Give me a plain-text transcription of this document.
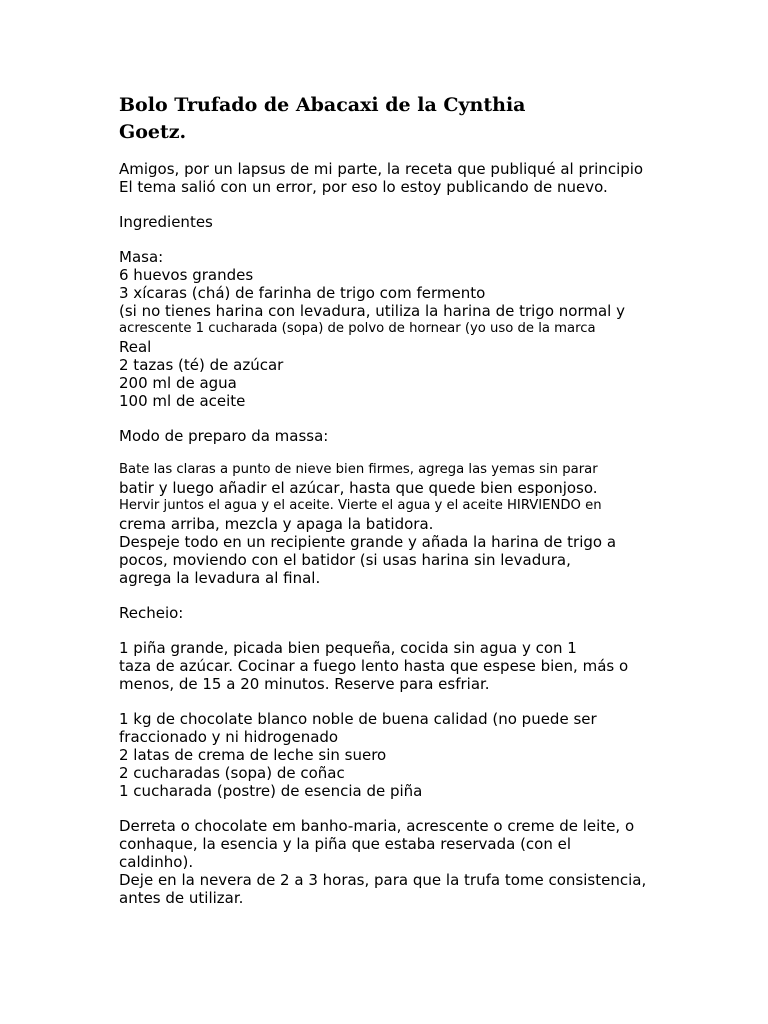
Bolo Trufado de Abacaxi de la Cynthia
Goetz.
Amigos, por un lapsus de mi parte, la receta que publiqué al principio
El tema salió con un error, por eso lo estoy publicando de nuevo.
Ingredientes
Masa:
6 huevos grandes
3 xícaras (chá) de farinha de trigo com fermento
(si no tienes harina con levadura, utiliza la harina de trigo normal y
acrescente 1 cucharada (sopa) de polvo de hornear (yo uso de la marca
Real
2 tazas (té) de azúcar
200 ml de agua
100 ml de aceite
Modo de preparo da massa:
Bate las claras a punto de nieve bien firmes, agrega las yemas sin parar
batir y luego añadir el azúcar, hasta que quede bien esponjoso.
Hervir juntos el agua y el aceite. Vierte el agua y el aceite HIRVIENDO en
crema arriba, mezcla y apaga la batidora.
Despeje todo en un recipiente grande y añada la harina de trigo a
pocos, moviendo con el batidor (si usas harina sin levadura,
agrega la levadura al final.
Recheio:
1 piña grande, picada bien pequeña, cocida sin agua y con 1
taza de azúcar. Cocinar a fuego lento hasta que espese bien, más o
menos, de 15 a 20 minutos. Reserve para esfriar.
1 kg de chocolate blanco noble de buena calidad (no puede ser
fraccionado y ni hidrogenado
2 latas de crema de leche sin suero
2 cucharadas (sopa) de coñac
1 cucharada (postre) de esencia de piña
Derreta o chocolate em banho-maria, acrescente o creme de leite, o
conhaque, la esencia y la piña que estaba reservada (con el
caldinho).
Deje en la nevera de 2 a 3 horas, para que la trufa tome consistencia,
antes de utilizar.
